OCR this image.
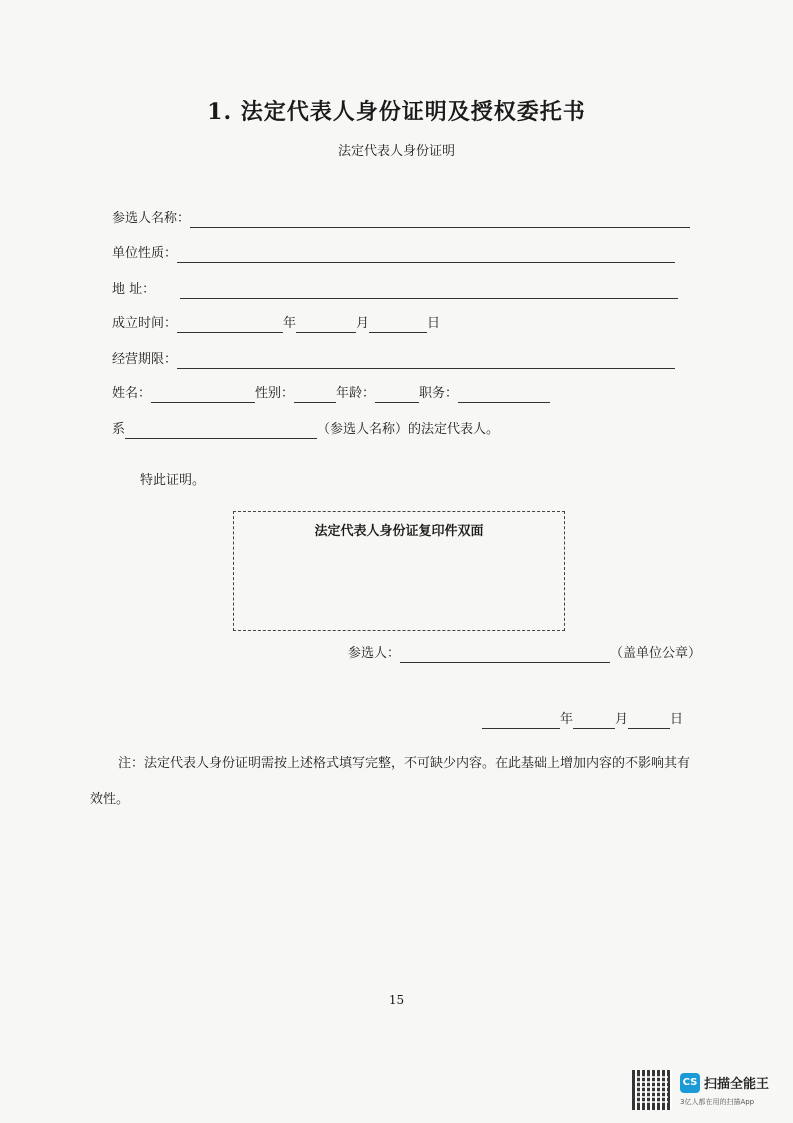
1. 法定代表人身份证明及授权委托书
法定代表人身份证明
参选人名称：
单位性质：
地 址：
成立时间：	年	月	日
经营期限：
姓名：	性别：	年龄：	职务：
系	（参选人名称）的法定代表人。
特此证明。
法定代表人身份证复印件双面
参选人：	（盖单位公章）
年	月	日
注：法定代表人身份证明需按上述格式填写完整，不可缺少内容。在此基础上增加内容的不影响其有
效性。
15
CS 扫描全能王
3亿人都在用的扫描App
